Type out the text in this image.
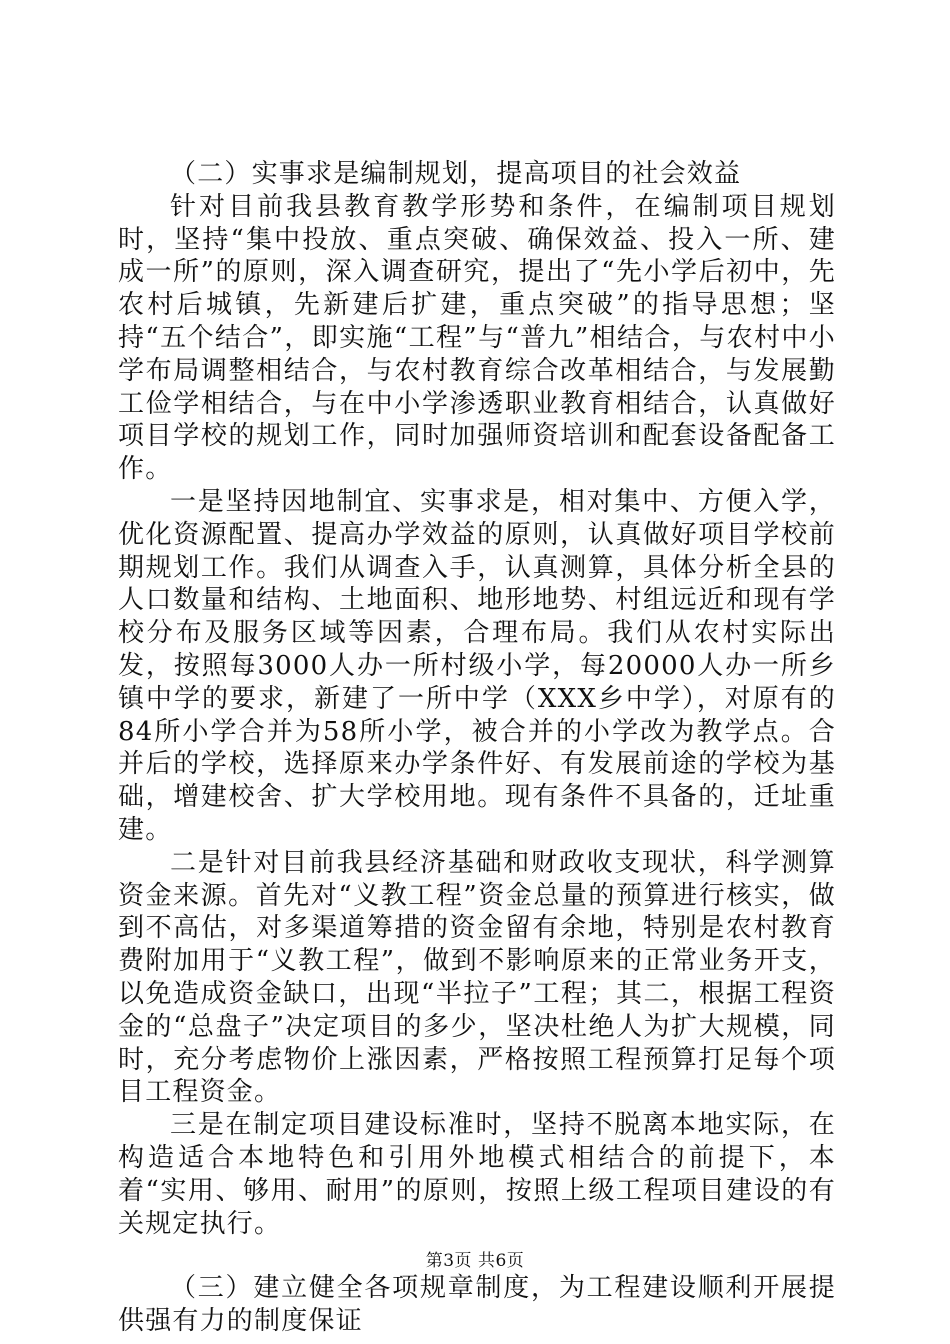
（二）实事求是编制规划，提高项目的社会效益

针对目前我县教育教学形势和条件，在编制项目规划时，坚持“集中投放、重点突破、确保效益、投入一所、建成一所”的原则，深入调查研究，提出了“先小学后初中，先农村后城镇，先新建后扩建，重点突破”的指导思想；坚持“五个结合”，即实施“工程”与“普九”相结合，与农村中小学布局调整相结合，与农村教育综合改革相结合，与发展勤工俭学相结合，与在中小学渗透职业教育相结合，认真做好项目学校的规划工作，同时加强师资培训和配套设备配备工作。

一是坚持因地制宜、实事求是，相对集中、方便入学，优化资源配置、提高办学效益的原则，认真做好项目学校前期规划工作。我们从调查入手，认真测算，具体分析全县的人口数量和结构、土地面积、地形地势、村组远近和现有学校分布及服务区域等因素，合理布局。我们从农村实际出发，按照每3000人办一所村级小学，每20000人办一所乡镇中学的要求，新建了一所中学（XXX乡中学），对原有的84所小学合并为58所小学，被合并的小学改为教学点。合并后的学校，选择原来办学条件好、有发展前途的学校为基础，增建校舍、扩大学校用地。现有条件不具备的，迁址重建。

二是针对目前我县经济基础和财政收支现状，科学测算资金来源。首先对“义教工程”资金总量的预算进行核实，做到不高估，对多渠道筹措的资金留有余地，特别是农村教育费附加用于“义教工程”，做到不影响原来的正常业务开支，以免造成资金缺口，出现“半拉子”工程；其二，根据工程资金的“总盘子”决定项目的多少，坚决杜绝人为扩大规模，同时，充分考虑物价上涨因素，严格按照工程预算打足每个项目工程资金。

三是在制定项目建设标准时，坚持不脱离本地实际，在构造适合本地特色和引用外地模式相结合的前提下，本着“实用、够用、耐用”的原则，按照上级工程项目建设的有关规定执行。

（三）建立健全各项规章制度，为工程建设顺利开展提供强有力的制度保证

第3页 共6页
